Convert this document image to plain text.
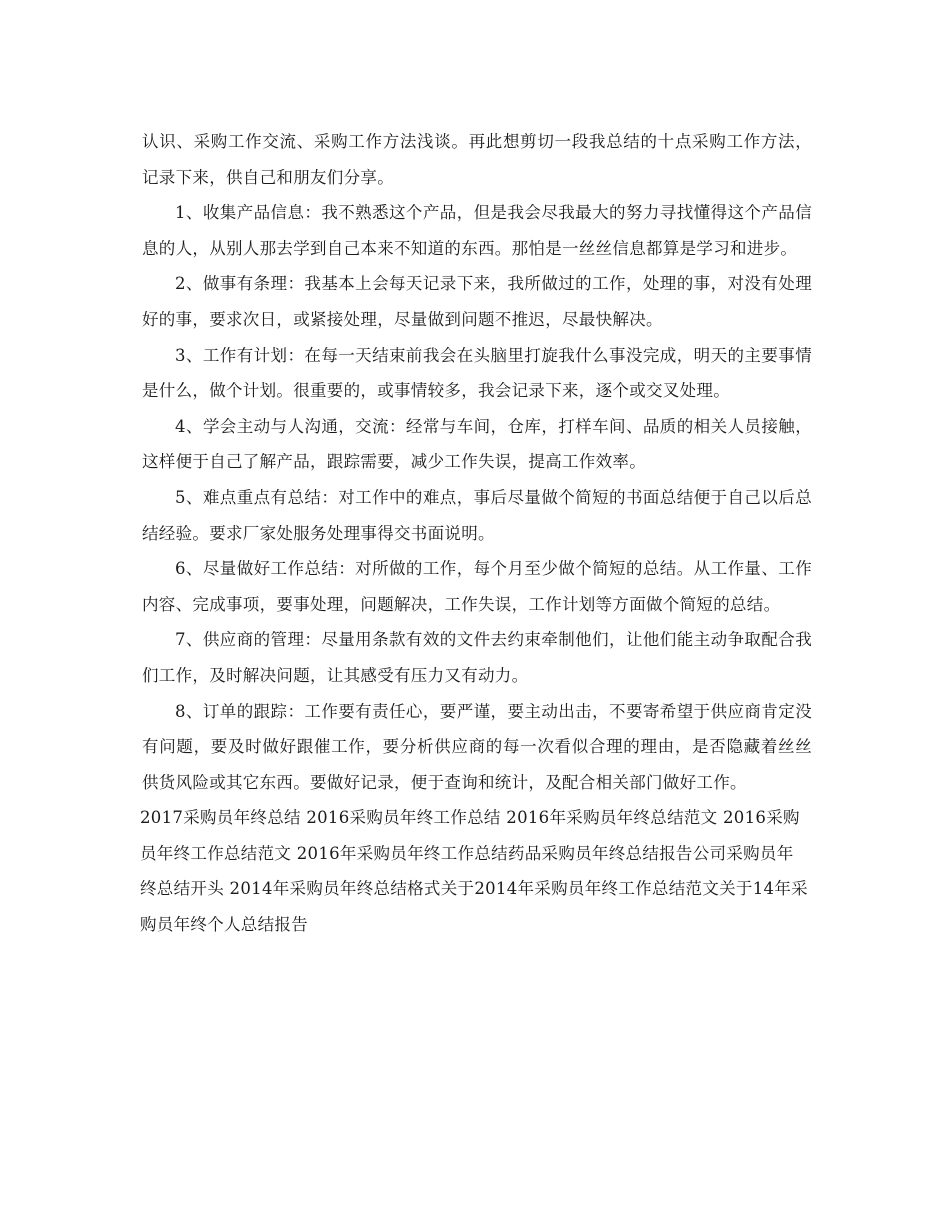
认识、采购工作交流、采购工作方法浅谈。再此想剪切一段我总结的十点采购工作方法，记录下来，供自己和朋友们分享。

1、收集产品信息：我不熟悉这个产品，但是我会尽我最大的努力寻找懂得这个产品信息的人，从别人那去学到自己本来不知道的东西。那怕是一丝丝信息都算是学习和进步。

2、做事有条理：我基本上会每天记录下来，我所做过的工作，处理的事，对没有处理好的事，要求次日，或紧接处理，尽量做到问题不推迟，尽最快解决。

3、工作有计划：在每一天结束前我会在头脑里打旋我什么事没完成，明天的主要事情是什么，做个计划。很重要的，或事情较多，我会记录下来，逐个或交叉处理。

4、学会主动与人沟通，交流：经常与车间，仓库，打样车间、品质的相关人员接触，这样便于自己了解产品，跟踪需要，减少工作失误，提高工作效率。

5、难点重点有总结：对工作中的难点，事后尽量做个简短的书面总结便于自己以后总结经验。要求厂家处服务处理事得交书面说明。

6、尽量做好工作总结：对所做的工作，每个月至少做个简短的总结。从工作量、工作内容、完成事项，要事处理，问题解决，工作失误，工作计划等方面做个简短的总结。

7、供应商的管理：尽量用条款有效的文件去约束牵制他们，让他们能主动争取配合我们工作，及时解决问题，让其感受有压力又有动力。

8、订单的跟踪：工作要有责任心，要严谨，要主动出击，不要寄希望于供应商肯定没有问题，要及时做好跟催工作，要分析供应商的每一次看似合理的理由，是否隐藏着丝丝供货风险或其它东西。要做好记录，便于查询和统计，及配合相关部门做好工作。

2017采购员年终总结 2016采购员年终工作总结 2016年采购员年终总结范文 2016采购员年终工作总结范文 2016年采购员年终工作总结药品采购员年终总结报告公司采购员年终总结开头 2014年采购员年终总结格式关于2014年采购员年终工作总结范文关于14年采购员年终个人总结报告
